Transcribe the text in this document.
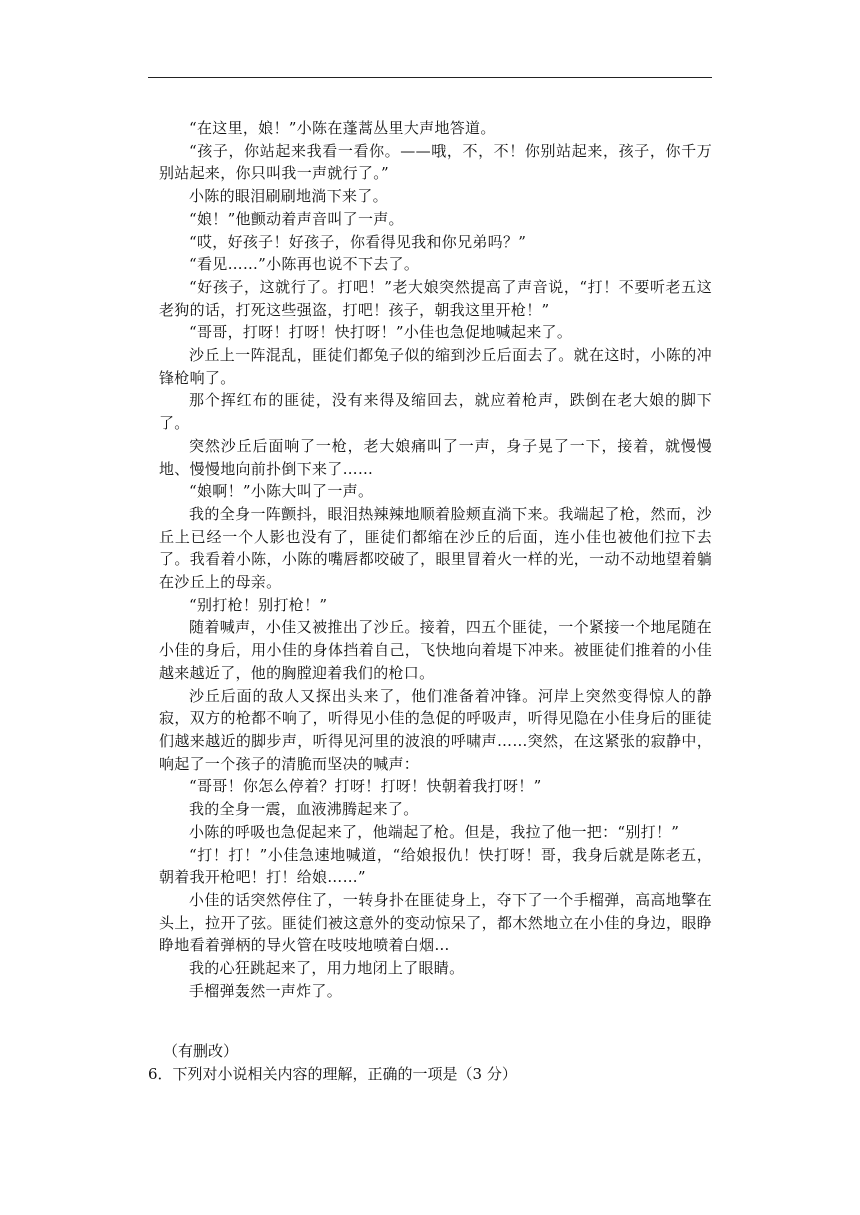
“在这里，娘！”小陈在蓬蒿丛里大声地答道。

“孩子，你站起来我看一看你。——哦，不，不！你别站起来，孩子，你千万别站起来，你只叫我一声就行了。”

小陈的眼泪刷刷地淌下来了。

“娘！”他颤动着声音叫了一声。

“哎，好孩子！好孩子，你看得见我和你兄弟吗？”

“看见……”小陈再也说不下去了。

“好孩子，这就行了。打吧！”老大娘突然提高了声音说，“打！不要听老五这老狗的话，打死这些强盗，打吧！孩子，朝我这里开枪！”

“哥哥，打呀！打呀！快打呀！”小佳也急促地喊起来了。

沙丘上一阵混乱，匪徒们都兔子似的缩到沙丘后面去了。就在这时，小陈的冲锋枪响了。

那个挥红布的匪徒，没有来得及缩回去，就应着枪声，跌倒在老大娘的脚下了。

突然沙丘后面响了一枪，老大娘痛叫了一声，身子晃了一下，接着，就慢慢地、慢慢地向前扑倒下来了……

“娘啊！”小陈大叫了一声。

我的全身一阵颤抖，眼泪热辣辣地顺着脸颊直淌下来。我端起了枪，然而，沙丘上已经一个人影也没有了，匪徒们都缩在沙丘的后面，连小佳也被他们拉下去了。我看着小陈，小陈的嘴唇都咬破了，眼里冒着火一样的光，一动不动地望着躺在沙丘上的母亲。

“别打枪！别打枪！”

随着喊声，小佳又被推出了沙丘。接着，四五个匪徒，一个紧接一个地尾随在小佳的身后，用小佳的身体挡着自己，飞快地向着堤下冲来。被匪徒们推着的小佳越来越近了，他的胸膛迎着我们的枪口。

沙丘后面的敌人又探出头来了，他们准备着冲锋。河岸上突然变得惊人的静寂，双方的枪都不响了，听得见小佳的急促的呼吸声，听得见隐在小佳身后的匪徒们越来越近的脚步声，听得见河里的波浪的呼啸声……突然，在这紧张的寂静中，响起了一个孩子的清脆而坚决的喊声：

“哥哥！你怎么停着？打呀！打呀！快朝着我打呀！”

我的全身一震，血液沸腾起来了。

小陈的呼吸也急促起来了，他端起了枪。但是，我拉了他一把：“别打！”

“打！打！”小佳急速地喊道，“给娘报仇！快打呀！哥，我身后就是陈老五，朝着我开枪吧！打！给娘……”

小佳的话突然停住了，一转身扑在匪徒身上，夺下了一个手榴弹，高高地擎在头上，拉开了弦。匪徒们被这意外的变动惊呆了，都木然地立在小佳的身边，眼睁睁地看着弹柄的导火管在吱吱地喷着白烟…

我的心狂跳起来了，用力地闭上了眼睛。

手榴弹轰然一声炸了。

（有删改）
6．下列对小说相关内容的理解，正确的一项是（3 分）
